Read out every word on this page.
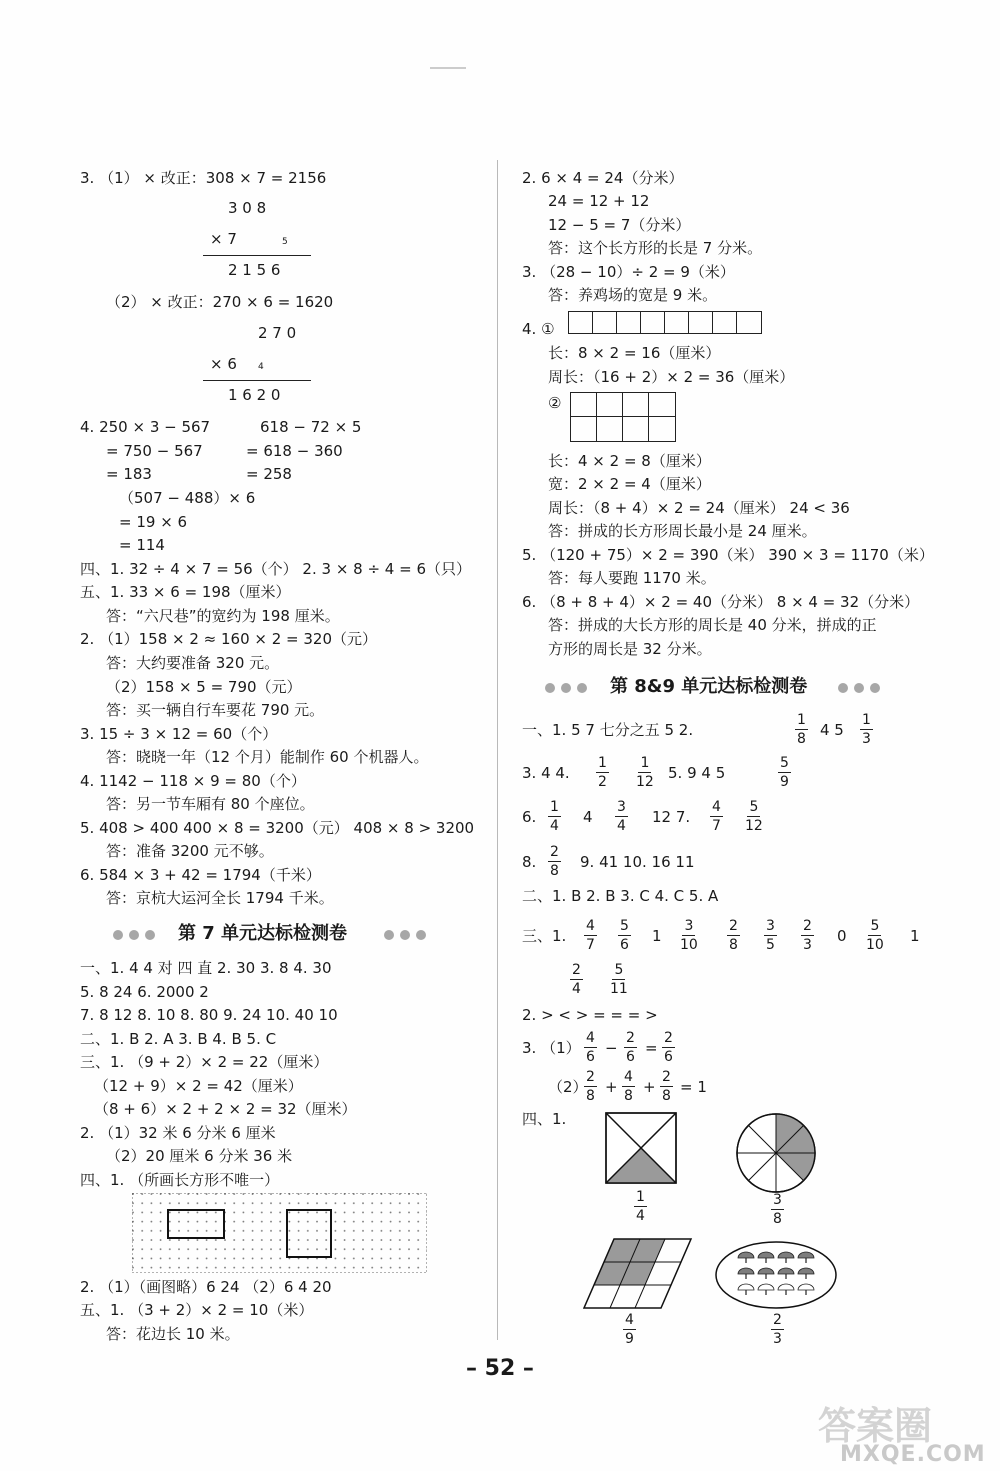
3. （1） × 改正：308 × 7 = 2156
3 0 8
× 7	5
2 1 5 6
（2） × 改正：270 × 6 = 1620
2 7 0
× 6 4
1 6 2 0
4. 250 × 3 − 567	618 − 72 × 5
= 750 − 567	= 618 − 360
= 183	= 258
（507 − 488）× 6
= 19 × 6
= 114
四、1. 32 ÷ 4 × 7 = 56（个） 2. 3 × 8 ÷ 4 = 6（只）
五、1. 33 × 6 = 198（厘米）
答：“六尺巷”的宽约为 198 厘米。
2. （1）158 × 2 ≈ 160 × 2 = 320（元）
答：大约要准备 320 元。
（2）158 × 5 = 790（元）
答：买一辆自行车要花 790 元。
3. 15 ÷ 3 × 12 = 60（个）
答：晓晓一年（12 个月）能制作 60 个机器人。
4. 1142 − 118 × 9 = 80（个）
答：另一节车厢有 80 个座位。
5. 408 > 400 400 × 8 = 3200（元） 408 × 8 > 3200
答：准备 3200 元不够。
6. 584 × 3 + 42 = 1794（千米）
答：京杭大运河全长 1794 千米。
第 7 单元达标检测卷
一、1. 4 4 对 四 直 2. 30 3. 8 4. 30
5. 8 24 6. 2000 2
7. 8 12 8. 10 8. 80 9. 24 10. 40 10
二、1. B 2. A 3. B 4. B 5. C
三、1. （9 + 2）× 2 = 22（厘米）
（12 + 9）× 2 = 42（厘米）
（8 + 6）× 2 + 2 × 2 = 32（厘米）
2. （1）32 米 6 分米 6 厘米
（2）20 厘米 6 分米 36 米
四、1. （所画长方形不唯一）
2. （1）（画图略）6 24 （2）6 4 20
五、1. （3 + 2）× 2 = 10（米）
答：花边长 10 米。
2. 6 × 4 = 24（分米）
24 = 12 + 12
12 − 5 = 7（分米）
答：这个长方形的长是 7 分米。
3. （28 − 10）÷ 2 = 9（米）
答：养鸡场的宽是 9 米。
4. ①
长：8 × 2 = 16（厘米）
周长：（16 + 2）× 2 = 36（厘米）
②
长：4 × 2 = 8（厘米）
宽：2 × 2 = 4（厘米）
周长：（8 + 4）× 2 = 24（厘米） 24 < 36
答：拼成的长方形周长最小是 24 厘米。
5. （120 + 75）× 2 = 390（米） 390 × 3 = 1170（米）
答：每人要跑 1170 米。
6. （8 + 8 + 4）× 2 = 40（分米） 8 × 4 = 32（分米）
答：拼成的大长方形的周长是 40 分米，拼成的正
方形的周长是 32 分米。
第 8&9 单元达标检测卷
一、1. 5 7 七分之五 5 2.	$\frac{1}{8} 4$ $5 \frac{1}{3}$
3. 4 4. $\frac{1}{2} \frac{1}{12} 5$. 9 4 5	$\frac{5}{9}$
6. $\frac{1}{4} 4 \frac{3}{4} 12$ 7. $\frac{4}{7} \frac{5}{12}$
8. $\frac{2}{8} 9$. 41 10. 16 11
二、1. B 2. B 3. C 4. C 5. A
三、1. $\frac{4}{7} \frac{5}{6} 1 \frac{3}{10} \frac{2}{8} \frac{3}{5} \frac{2}{3} 0 \frac{5}{10} 1$
$\frac{2}{4} \frac{5}{11}$
2. > < > = = = >
3. $(1) \frac{4}{6} - \frac{2}{6} = \frac{2}{6}$
（2）
$\frac{2}{8} + \frac{4}{8} + \frac{2}{8} = 1$
四、1.
$\frac{1}{4}$	$\frac{3}{8}$
$\frac{4}{9}$	$\frac{2}{3}$
– 52 –
答案圈
MXQE.COM
